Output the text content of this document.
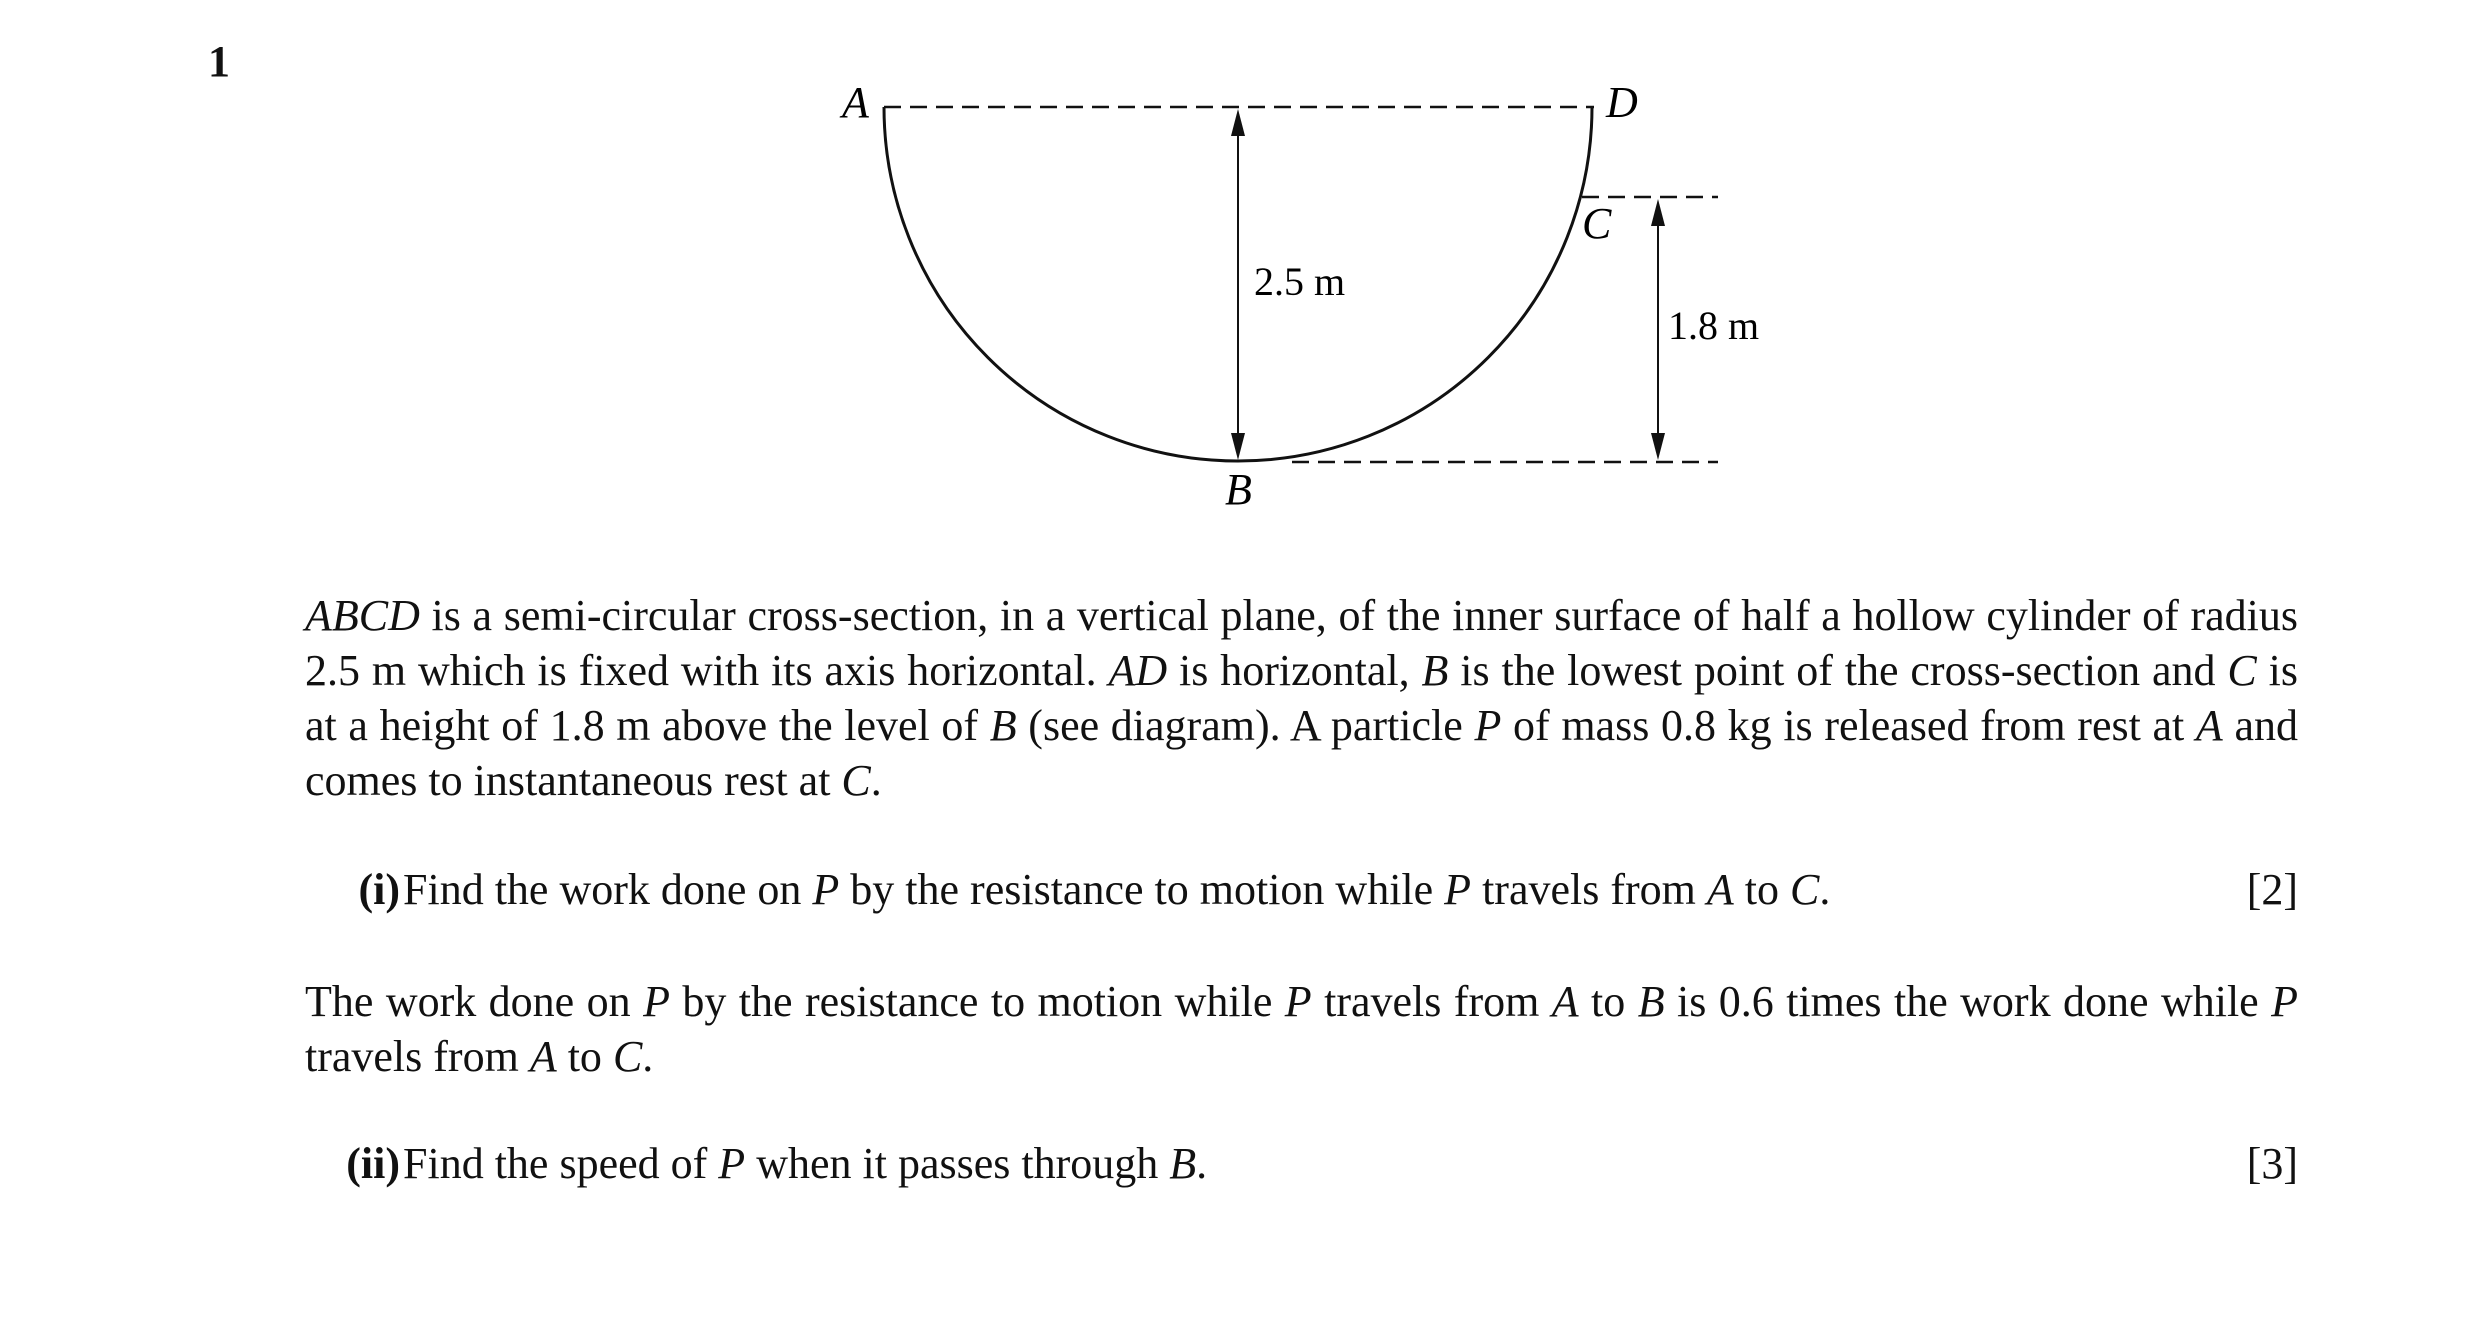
1
A	D
C
B
2.5 m
1.8 m
ABCD is a semi-circular cross-section, in a vertical plane, of the inner surface of half a hollow cylinder of radius 2.5 m which is fixed with its axis horizontal. AD is horizontal, B is the lowest point of the cross-section and C is at a height of 1.8 m above the level of B (see diagram). A particle P of mass 0.8 kg is released from rest at A and comes to instantaneous rest at C.
(i) Find the work done on P by the resistance to motion while P travels from A to C.	[2]
The work done on P by the resistance to motion while P travels from A to B is 0.6 times the work done while P travels from A to C.
(ii) Find the speed of P when it passes through B.	[3]
